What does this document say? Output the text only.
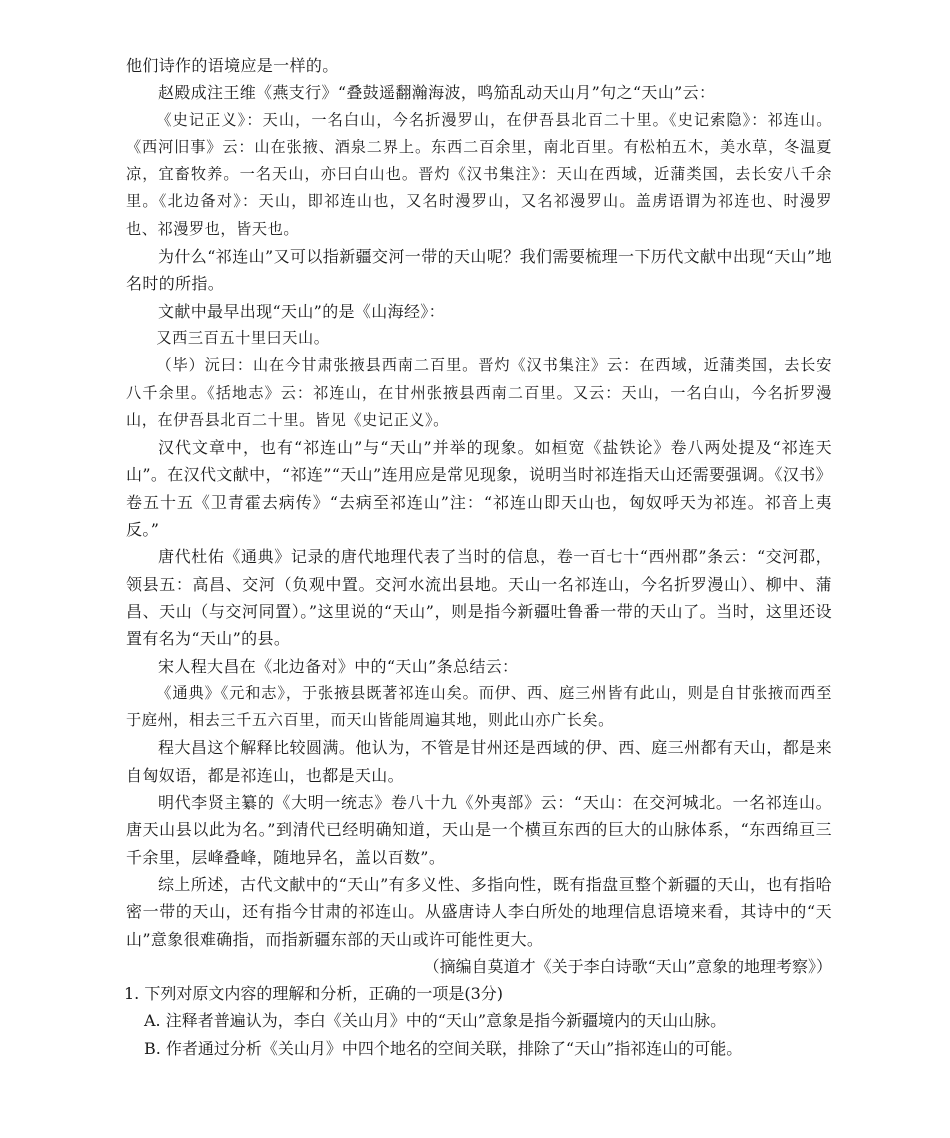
他们诗作的语境应是一样的。

赵殿成注王维《燕支行》“叠鼓遥翻瀚海波，鸣笳乱动天山月”句之“天山”云：

《史记正义》：天山，一名白山，今名折漫罗山，在伊吾县北百二十里。《史记索隐》：祁连山。《西河旧事》云：山在张掖、酒泉二界上。东西二百余里，南北百里。有松柏五木，美水草，冬温夏凉，宜畜牧养。一名天山，亦曰白山也。晋灼《汉书集注》：天山在西域，近蒲类国，去长安八千余里。《北边备对》：天山，即祁连山也，又名时漫罗山，又名祁漫罗山。盖虏语谓为祁连也、时漫罗也、祁漫罗也，皆天也。

为什么“祁连山”又可以指新疆交河一带的天山呢？我们需要梳理一下历代文献中出现“天山”地名时的所指。

文献中最早出现“天山”的是《山海经》：

又西三百五十里曰天山。

（毕）沅曰：山在今甘肃张掖县西南二百里。晋灼《汉书集注》云：在西域，近蒲类国，去长安八千余里。《括地志》云：祁连山，在甘州张掖县西南二百里。又云：天山，一名白山，今名折罗漫山，在伊吾县北百二十里。皆见《史记正义》。

汉代文章中，也有“祁连山”与“天山”并举的现象。如桓宽《盐铁论》卷八两处提及“祁连天山”。在汉代文献中，“祁连”“天山”连用应是常见现象，说明当时祁连指天山还需要强调。《汉书》卷五十五《卫青霍去病传》“去病至祁连山”注：“祁连山即天山也，匈奴呼天为祁连。祁音上夷反。”

唐代杜佑《通典》记录的唐代地理代表了当时的信息，卷一百七十“西州郡”条云：“交河郡，领县五：高昌、交河（负观中置。交河水流出县地。天山一名祁连山，今名折罗漫山）、柳中、蒲昌、天山（与交河同置）。”这里说的“天山”，则是指今新疆吐鲁番一带的天山了。当时，这里还设置有名为“天山”的县。

宋人程大昌在《北边备对》中的“天山”条总结云：

《通典》《元和志》，于张掖县既著祁连山矣。而伊、西、庭三州皆有此山，则是自甘张掖而西至于庭州，相去三千五六百里，而天山皆能周遍其地，则此山亦广长矣。

程大昌这个解释比较圆满。他认为，不管是甘州还是西域的伊、西、庭三州都有天山，都是来自匈奴语，都是祁连山，也都是天山。

明代李贤主纂的《大明一统志》卷八十九《外夷部》云：“天山：在交河城北。一名祁连山。唐天山县以此为名。”到清代已经明确知道，天山是一个横亘东西的巨大的山脉体系，“东西绵亘三千余里，层峰叠峰，随地异名，盖以百数”。

综上所述，古代文献中的“天山”有多义性、多指向性，既有指盘亘整个新疆的天山，也有指哈密一带的天山，还有指今甘肃的祁连山。从盛唐诗人李白所处的地理信息语境来看，其诗中的“天山”意象很难确指，而指新疆东部的天山或许可能性更大。

（摘编自莫道才《关于李白诗歌“天山”意象的地理考察》）

1. 下列对原文内容的理解和分析，正确的一项是(3分)

A. 注释者普遍认为，李白《关山月》中的“天山”意象是指今新疆境内的天山山脉。

B. 作者通过分析《关山月》中四个地名的空间关联，排除了“天山”指祁连山的可能。
